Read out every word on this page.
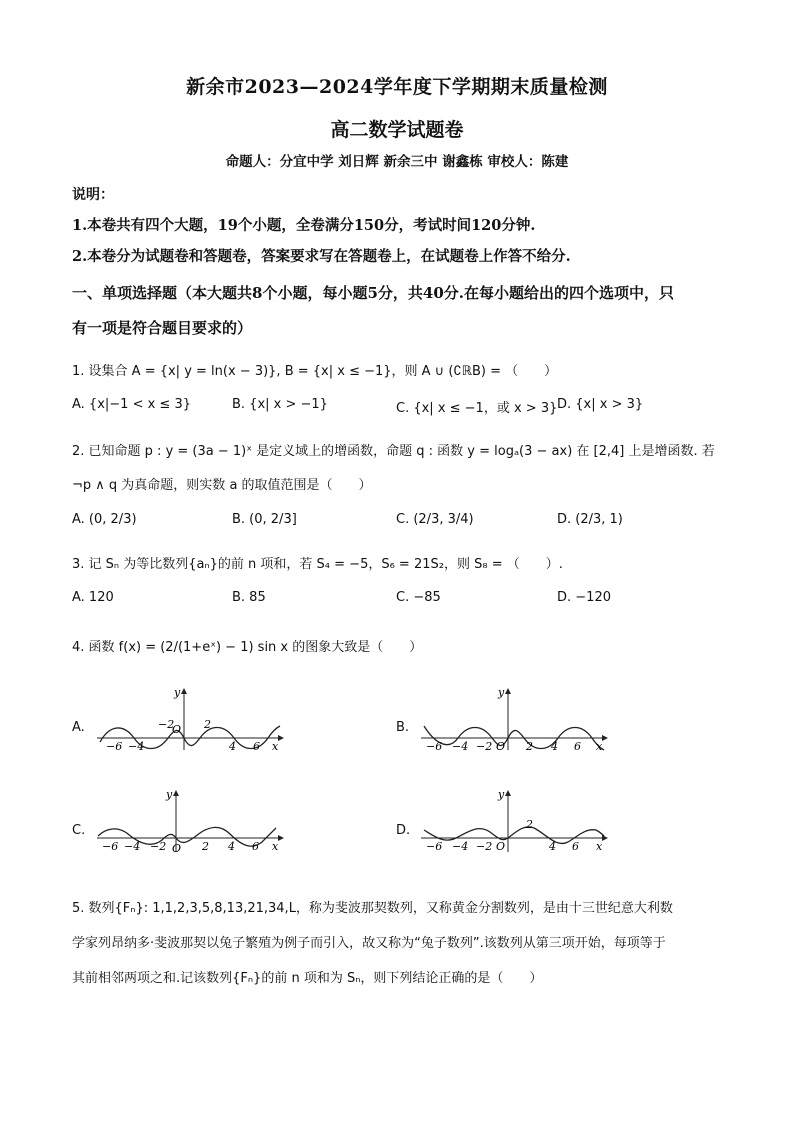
新余市2023—2024学年度下学期期末质量检测
高二数学试题卷
命题人：分宜中学 刘日辉 新余三中 谢鑫栋 审校人：陈建
说明：
1.本卷共有四个大题，19个小题，全卷满分150分，考试时间120分钟.
2.本卷分为试题卷和答题卷，答案要求写在答题卷上，在试题卷上作答不给分.
一、单项选择题（本大题共8个小题，每小题5分，共40分.在每小题给出的四个选项中，只
有一项是符合题目要求的）
1. 设集合 A = {x| y = ln(x − 3)}, B = {x| x ≤ −1}，则 A ∪ (∁ℝB) = （　　）
A. {x|−1 < x ≤ 3}	B. {x| x > −1}	C. {x| x ≤ −1，或 x > 3} D. {x| x > 3}
2. 已知命题 p : y = (3a − 1)ˣ 是定义域上的增函数，命题 q : 函数 y = logₐ(3 − ax) 在 [2,4] 上是增函数. 若
¬p ∧ q 为真命题，则实数 a 的取值范围是（　　）
A. (0, 2/3)	B. (0, 2/3]	C. (2/3, 3/4)	D. (2/3, 1)
3. 记 Sₙ 为等比数列{aₙ}的前 n 项和，若 S₄ = −5，S₆ = 21S₂，则 S₈ = （　　）.
A. 120	B. 85	C. −85	D. −120
4. 函数 f(x) = (2/(1+eˣ) − 1) sin x 的图象大致是（　　）
A.
−6 −4
−2
O 2
4 6 x
y
B.
−6 −4 −2 O 2 4 6 x
y
C.
−6 −4 −2 O 2 4 6 x
y
D.
−6 −4 −2 O
2
4 6 x
y
5. 数列{Fₙ}: 1,1,2,3,5,8,13,21,34,L，称为斐波那契数列，又称黄金分割数列，是由十三世纪意大利数
学家列昂纳多·斐波那契以兔子繁殖为例子而引入，故又称为“兔子数列”.该数列从第三项开始，每项等于
其前相邻两项之和.记该数列{Fₙ}的前 n 项和为 Sₙ，则下列结论正确的是（　　）
